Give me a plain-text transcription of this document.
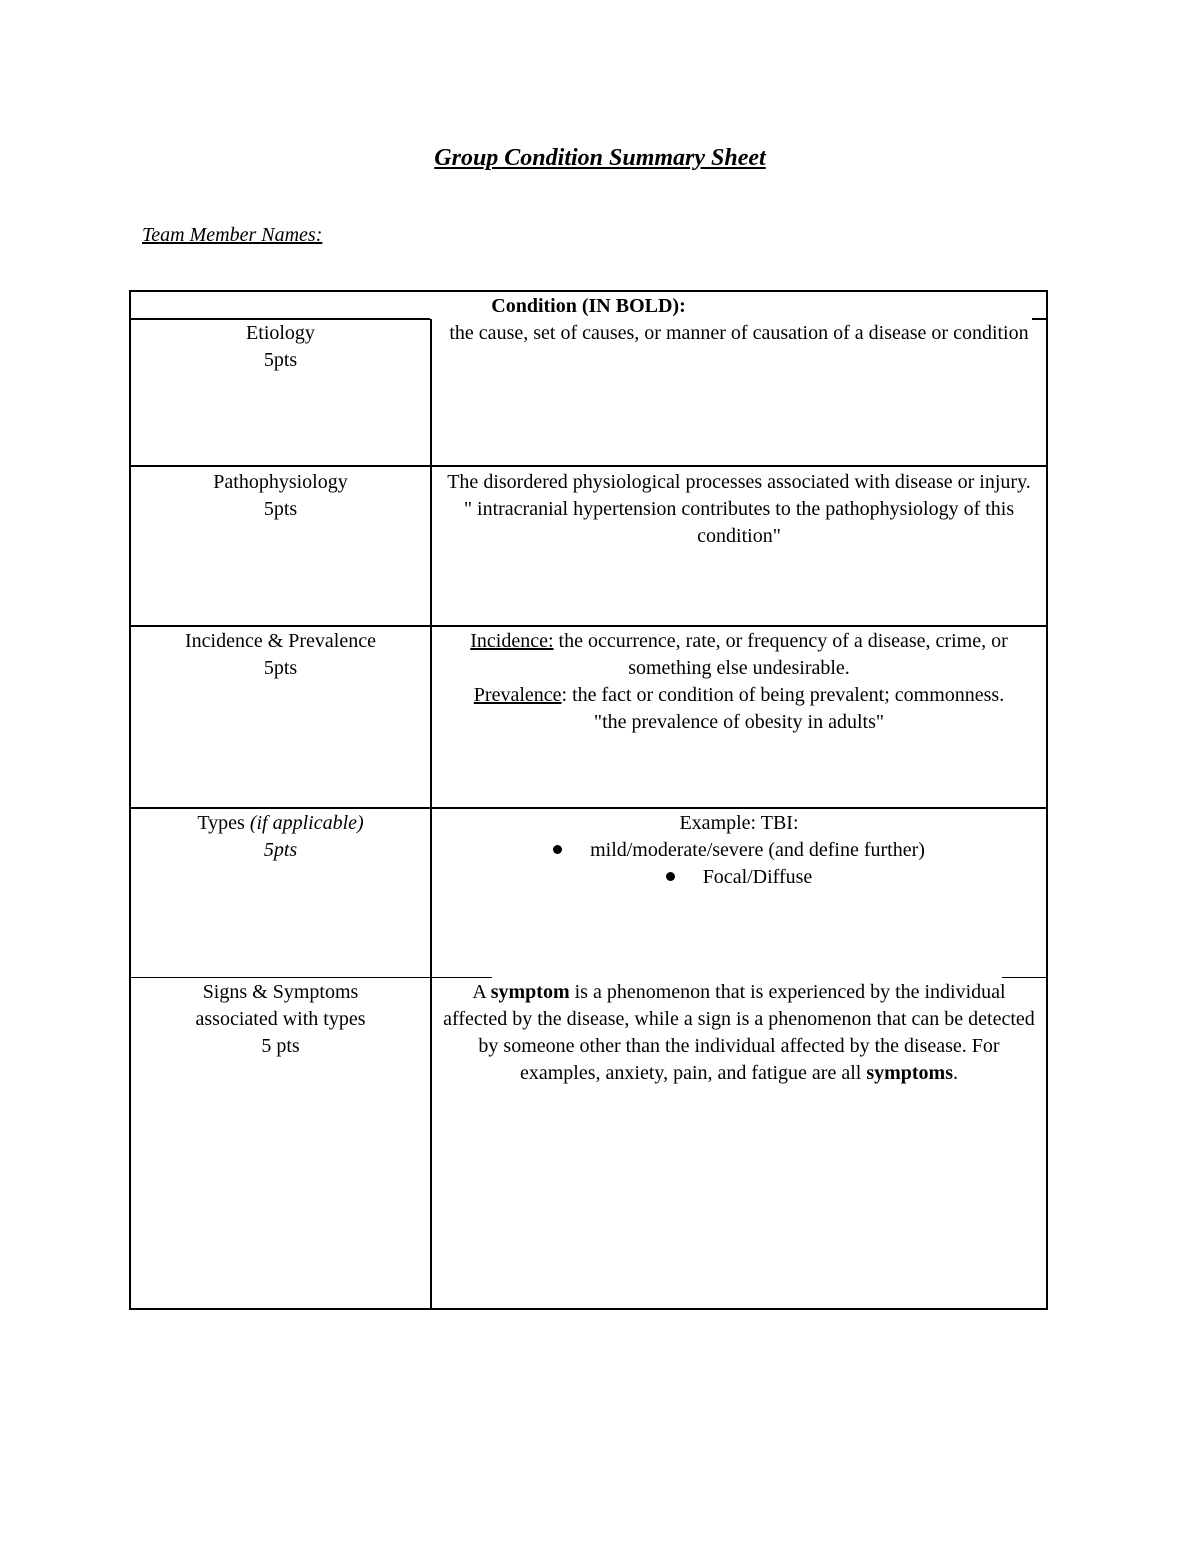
Group Condition Summary Sheet
Team Member Names:
Condition (IN BOLD):

Etiology

5pts

the cause, set of causes, or manner of causation of a disease or condition

Pathophysiology

5pts

The disordered physiological processes associated with disease or injury.

" intracranial hypertension contributes to the pathophysiology of this condition"

Incidence & Prevalence

5pts

Incidence: the occurrence, rate, or frequency of a disease, crime, or something else undesirable.

Prevalence: the fact or condition of being prevalent; commonness.

"the prevalence of obesity in adults"

Types (if applicable)

5pts

Example: TBI:

mild/moderate/severe (and define further)
Focal/Diffuse

Signs & Symptoms

associated with types

5 pts

A symptom is a phenomenon that is experienced by the individual affected by the disease, while a sign is a phenomenon that can be detected by someone other than the individual affected by the disease. For examples, anxiety, pain, and fatigue are all symptoms.
